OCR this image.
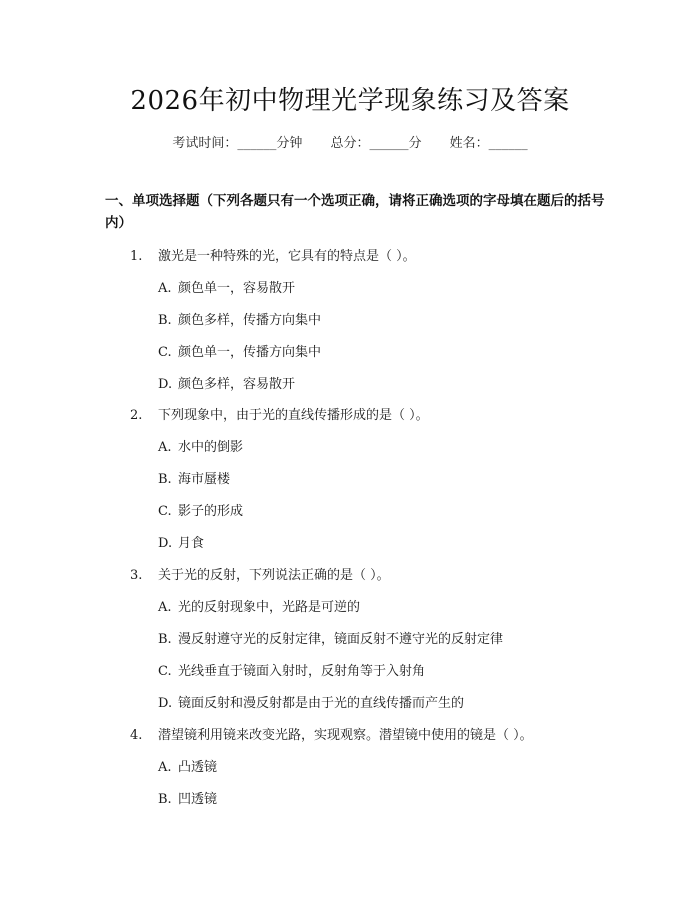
2026年初中物理光学现象练习及答案
考试时间：______分钟 总分：______分 姓名：______
一、单项选择题（下列各题只有一个选项正确，请将正确选项的字母填在题后的括号内）
1. 激光是一种特殊的光，它具有的特点是（ ）。
A. 颜色单一，容易散开
B. 颜色多样，传播方向集中
C. 颜色单一，传播方向集中
D. 颜色多样，容易散开
2. 下列现象中，由于光的直线传播形成的是（ ）。
A. 水中的倒影
B. 海市蜃楼
C. 影子的形成
D. 月食
3. 关于光的反射，下列说法正确的是（ ）。
A. 光的反射现象中，光路是可逆的
B. 漫反射遵守光的反射定律，镜面反射不遵守光的反射定律
C. 光线垂直于镜面入射时，反射角等于入射角
D. 镜面反射和漫反射都是由于光的直线传播而产生的
4. 潜望镜利用镜来改变光路，实现观察。潜望镜中使用的镜是（ ）。
A. 凸透镜
B. 凹透镜
